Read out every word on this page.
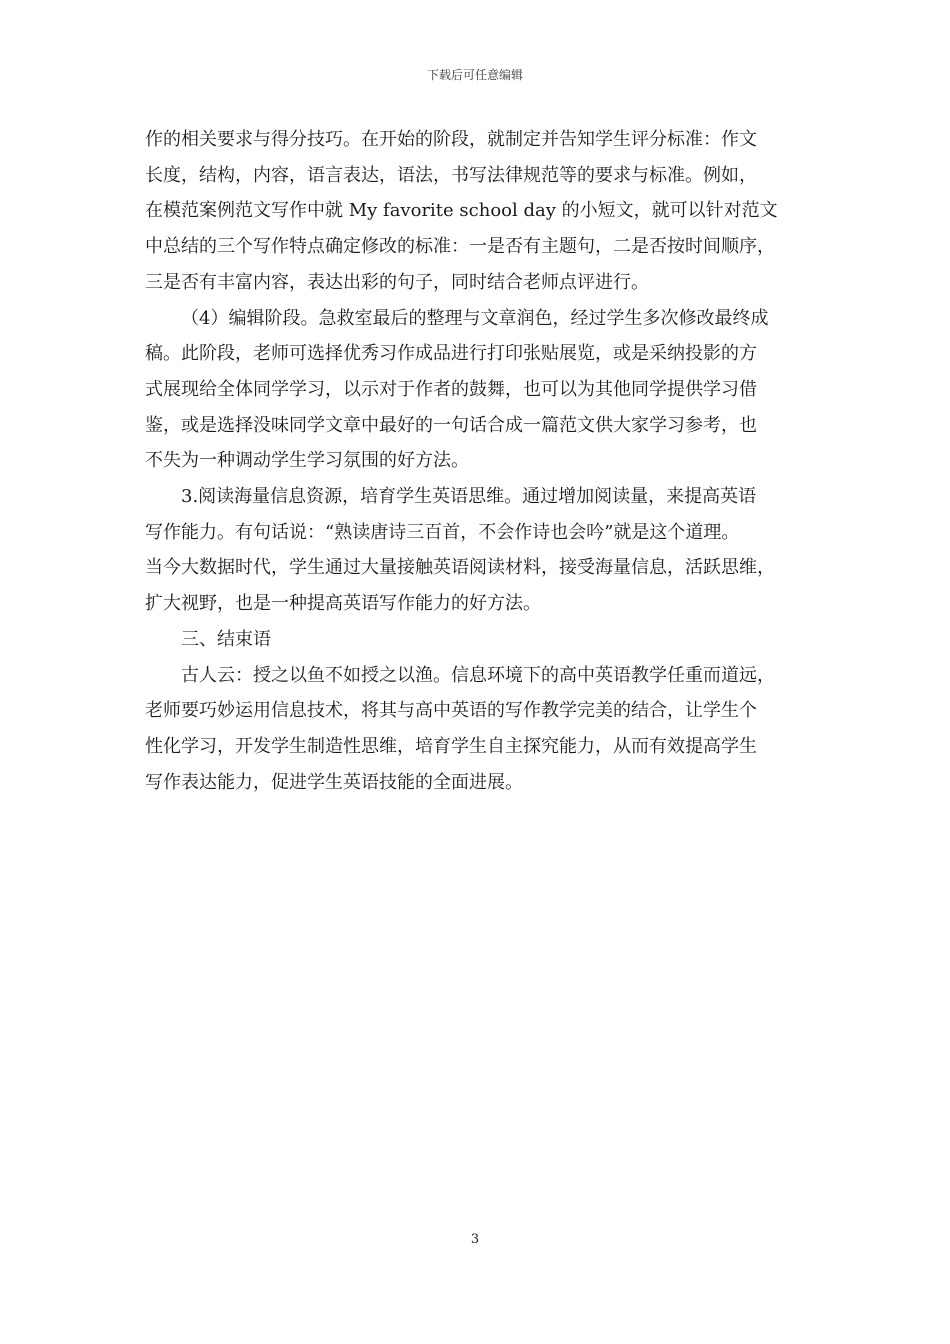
下载后可任意编辑
作的相关要求与得分技巧。在开始的阶段，就制定并告知学生评分标准：作文
长度，结构，内容，语言表达，语法，书写法律规范等的要求与标准。例如，
在模范案例范文写作中就 My favorite school day 的小短文，就可以针对范文
中总结的三个写作特点确定修改的标准：一是否有主题句，二是否按时间顺序，
三是否有丰富内容，表达出彩的句子，同时结合老师点评进行。
（4）编辑阶段。急救室最后的整理与文章润色，经过学生多次修改最终成
稿。此阶段，老师可选择优秀习作成品进行打印张贴展览，或是采纳投影的方
式展现给全体同学学习，以示对于作者的鼓舞，也可以为其他同学提供学习借
鉴，或是选择没味同学文章中最好的一句话合成一篇范文供大家学习参考，也
不失为一种调动学生学习氛围的好方法。
3.阅读海量信息资源，培育学生英语思维。通过增加阅读量，来提高英语
写作能力。有句话说：“熟读唐诗三百首，不会作诗也会吟”就是这个道理。
当今大数据时代，学生通过大量接触英语阅读材料，接受海量信息，活跃思维，
扩大视野，也是一种提高英语写作能力的好方法。
三、结束语
古人云：授之以鱼不如授之以渔。信息环境下的高中英语教学任重而道远，
老师要巧妙运用信息技术，将其与高中英语的写作教学完美的结合，让学生个
性化学习，开发学生制造性思维，培育学生自主探究能力，从而有效提高学生
写作表达能力，促进学生英语技能的全面进展。
3
